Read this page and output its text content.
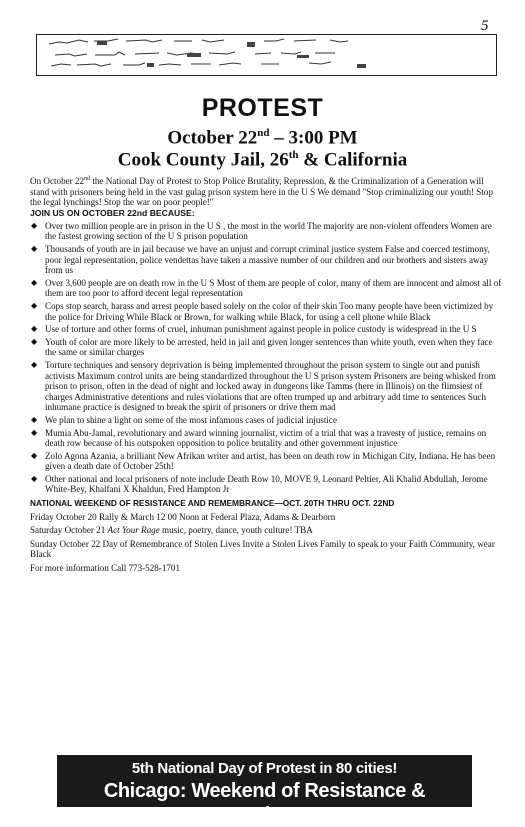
5
PROTEST
October 22nd – 3:00 PM
Cook County Jail, 26th & California

On October 22nd the National Day of Protest to Stop Police Brutality, Repression, & the Criminalization of a Generation will stand with prisoners being held in the vast gulag prison system here in the U S We demand "Stop criminalizing our youth! Stop the legal lynchings! Stop the war on poor people!"

JOIN US ON OCTOBER 22nd BECAUSE:

◆ Over two million people are in prison in the U S , the most in the world The majority are non-violent offenders Women are the fastest growing section of the U S prison population
◆ Thousands of youth are in jail because we have an unjust and corrupt criminal justice system False and coerced testimony, poor legal representation, police vendettas have taken a massive number of our children and our brothers and sisters away from us
◆ Over 3,600 people are on death row in the U S Most of them are people of color, many of them are innocent and almost all of them are too poor to afford decent legal representation
◆ Cops stop search, harass and arrest people based solely on the color of their skin Too many people have been victimized by the police for Driving While Black or Brown, for walking while Black, for using a cell phone while Black
◆ Use of torture and other forms of cruel, inhuman punishment against people in police custody is widespread in the U S
◆ Youth of color are more likely to be arrested, held in jail and given longer sentences than white youth, even when they face the same or similar charges
◆ Torture techniques and sensory deprivation is being implemented throughout the prison system to single out and punish activists Maximum control units are being standardized throughout the U S prison system Prisoners are being whisked from prison to prison, often in the dead of night and locked away in dungeons like Tamms (here in Illinois) on the flimsiest of charges Administrative detentions and rules violations that are often trumped up and arbitrary add time to sentences Such inhumane practice is designed to break the spirit of prisoners or drive them mad
◆ We plan to shine a light on some of the most infamous cases of judicial injustice
◆ Mumia Abu-Jamal, revolutionary and award winning journalist, victim of a trial that was a travesty of justice, remains on death row because of his outspoken opposition to police brutality and other government injustice
◆ Zolo Agona Azania, a brilliant New Afrikan writer and artist, has been on death row in Michigan City, Indiana. He has been given a death date of October 25th!
◆ Other national and local prisoners of note include Death Row 10, MOVE 9, Leonard Peltier, Ali Khalid Abdullah, Jerome White-Bey, Khalfani X Khaldun, Fred Hampton Jr

NATIONAL WEEKEND OF RESISTANCE AND REMEMBRANCE—OCT. 20TH THRU OCT. 22ND

Friday October 20 Rally & March 12 00 Noon at Federal Plaza, Adams & Dearborn

Saturday October 21 Act Your Rage music, poetry, dance, youth culture! TBA

Sunday October 22 Day of Remembrance of Stolen Lives Invite a Stolen Lives Family to speak to your Faith Community, wear Black

For more information Call 773-528-1701

5th National Day of Protest in 80 cities!
Chicago: Weekend of Resistance & Remembrance!
